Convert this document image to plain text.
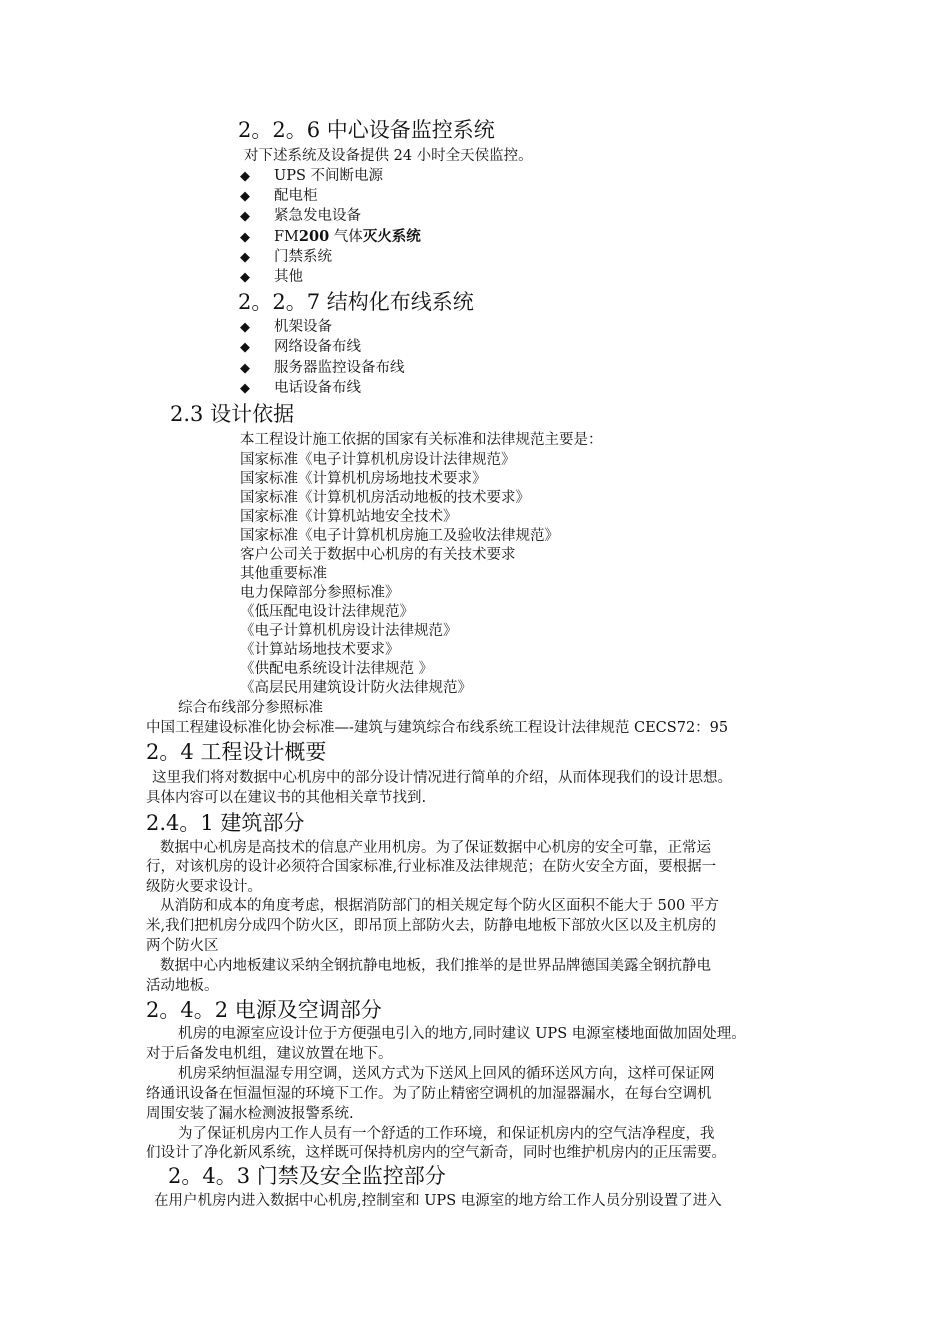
2。2。6 中心设备监控系统
对下述系统及设备提供 24 小时全天侯监控。
◆ UPS 不间断电源
◆ 配电柜
◆ 紧急发电设备
◆ FM200 气体灭火系统
◆ 门禁系统
◆ 其他
2。2。7 结构化布线系统
◆ 机架设备
◆ 网络设备布线
◆ 服务器监控设备布线
◆ 电话设备布线
2.3 设计依据
本工程设计施工依据的国家有关标准和法律规范主要是：
国家标准《电子计算机机房设计法律规范》
国家标准《计算机机房场地技术要求》
国家标准《计算机机房活动地板的技术要求》
国家标准《计算机站地安全技术》
国家标准《电子计算机机房施工及验收法律规范》
客户公司关于数据中心机房的有关技术要求
其他重要标准
电力保障部分参照标准》
《低压配电设计法律规范》
《电子计算机机房设计法律规范》
《计算站场地技术要求》
《供配电系统设计法律规范 》
《高层民用建筑设计防火法律规范》
综合布线部分参照标准
中国工程建设标准化协会标准—-建筑与建筑综合布线系统工程设计法律规范 CECS72：95
2。4 工程设计概要
这里我们将对数据中心机房中的部分设计情况进行简单的介绍，从而体现我们的设计思想。
具体内容可以在建议书的其他相关章节找到.
2.4。1 建筑部分
数据中心机房是高技术的信息产业用机房。为了保证数据中心机房的安全可靠，正常运
行，对该机房的设计必须符合国家标准,行业标准及法律规范；在防火安全方面，要根据一
级防火要求设计。
从消防和成本的角度考虑，根据消防部门的相关规定每个防火区面积不能大于 500 平方
米,我们把机房分成四个防火区，即吊顶上部防火去，防静电地板下部放火区以及主机房的
两个防火区
数据中心内地板建议采纳全钢抗静电地板，我们推举的是世界品牌德国美露全钢抗静电
活动地板。
2。4。2 电源及空调部分
机房的电源室应设计位于方便强电引入的地方,同时建议 UPS 电源室楼地面做加固处理。
对于后备发电机组，建议放置在地下。
机房采纳恒温湿专用空调，送风方式为下送风上回风的循环送风方向，这样可保证网
络通讯设备在恒温恒湿的环境下工作。为了防止精密空调机的加湿器漏水，在每台空调机
周围安装了漏水检测波报警系统.
为了保证机房内工作人员有一个舒适的工作环境，和保证机房内的空气洁净程度，我
们设计了净化新风系统，这样既可保持机房内的空气新奇，同时也维护机房内的正压需要。
2。4。3 门禁及安全监控部分
在用户机房内进入数据中心机房,控制室和 UPS 电源室的地方给工作人员分别设置了进入
